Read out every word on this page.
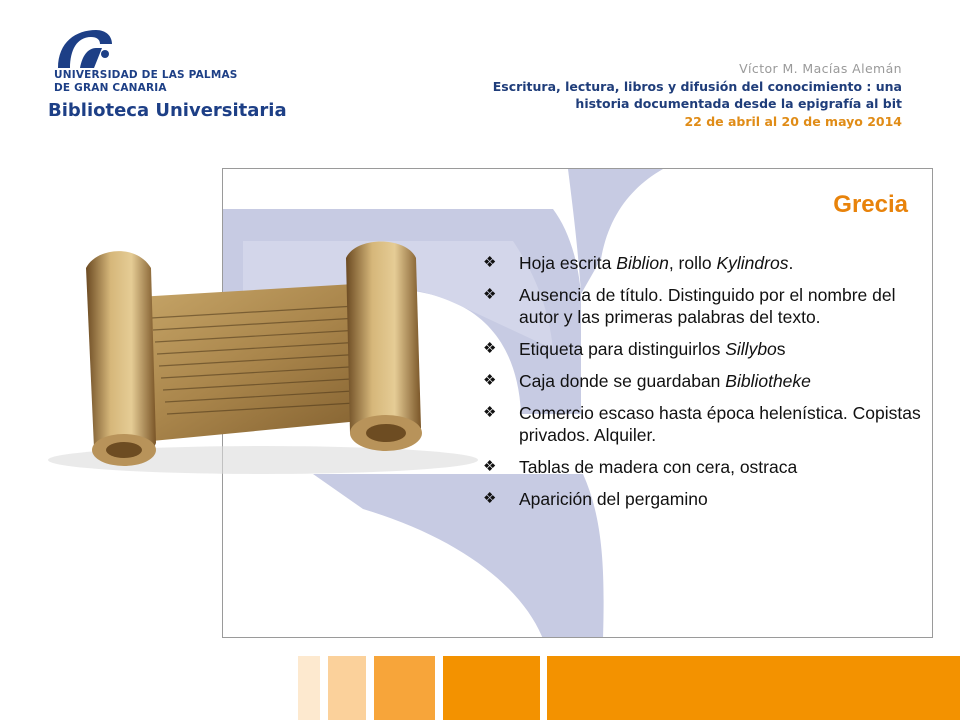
UNIVERSIDAD DE LAS PALMAS
DE GRAN CANARIA
Biblioteca Universitaria
Víctor M. Macías Alemán
Escritura, lectura, libros y difusión del conocimiento : una
historia documentada desde la epigrafía al bit
22 de abril al 20 de mayo 2014
Grecia
❖ Hoja escrita Biblion, rollo Kylindros.
❖ Ausencia de título. Distinguido por el nombre del autor y las primeras palabras del texto.
❖ Etiqueta para distinguirlos Sillybos
❖ Caja donde se guardaban Bibliotheke
❖ Comercio escaso hasta época helenística. Copistas privados. Alquiler.
❖ Tablas de madera con cera, ostraca
❖ Aparición del pergamino
